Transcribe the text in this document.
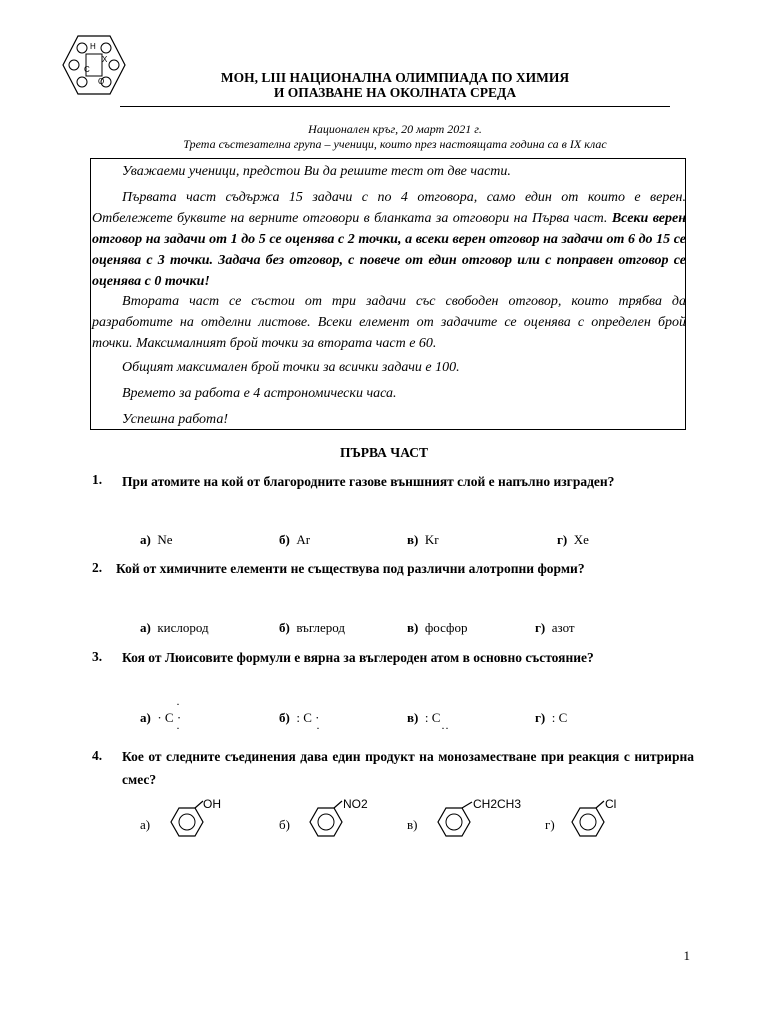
H
X
C
O	МОН, LIII НАЦИОНАЛНА ОЛИМПИАДА ПО ХИМИЯ
И ОПАЗВАНЕ НА ОКОЛНАТА СРЕДА
Национален кръг, 20 март 2021 г.
Трета състезателна група – ученици, които през настоящата година са в IX клас
Уважаеми ученици, предстои Ви да решите тест от две части.
Първата част съдържа 15 задачи с по 4 отговора, само един от които е верен. Отбележете буквите на верните отговори в бланката за отговори на Първа част. Всеки верен отговор на задачи от 1 до 5 се оценява с 2 точки, а всеки верен отговор на задачи от 6 до 15 се оценява с 3 точки. Задача без отговор, с повече от един отговор или с поправен отговор се оценява с 0 точки!
Втората част се състои от три задачи със свободен отговор, които трябва да разработите на отделни листове. Всеки елемент от задачите се оценява с определен брой точки. Максималният брой точки за втората част е 60.
Общият максимален брой точки за всички задачи е 100.
Времето за работа е 4 астрономически часа.
Успешна работа!
ПЪРВА ЧАСТ
1. При атомите на кой от благородните газове външният слой е напълно изграден?
а) Ne	б) Ar	в) Kr	г) Xe
2. Кой от химичните елементи не съществува под различни алотропни форми?
а) кислород	б) въглерод	в) фосфор	г) азот
3. Коя от Люисовите формули е вярна за въглероден атом в основно състояние?
а) · C ·
·
·
б) : C ·
·
в) : C
··
г) : C
4. Кое от следните съединения дава един продукт на монозаместване при реакция с нитрирна смес?
а)
OH
б)
NO2
в)
CH2CH3
г)
Cl
1
